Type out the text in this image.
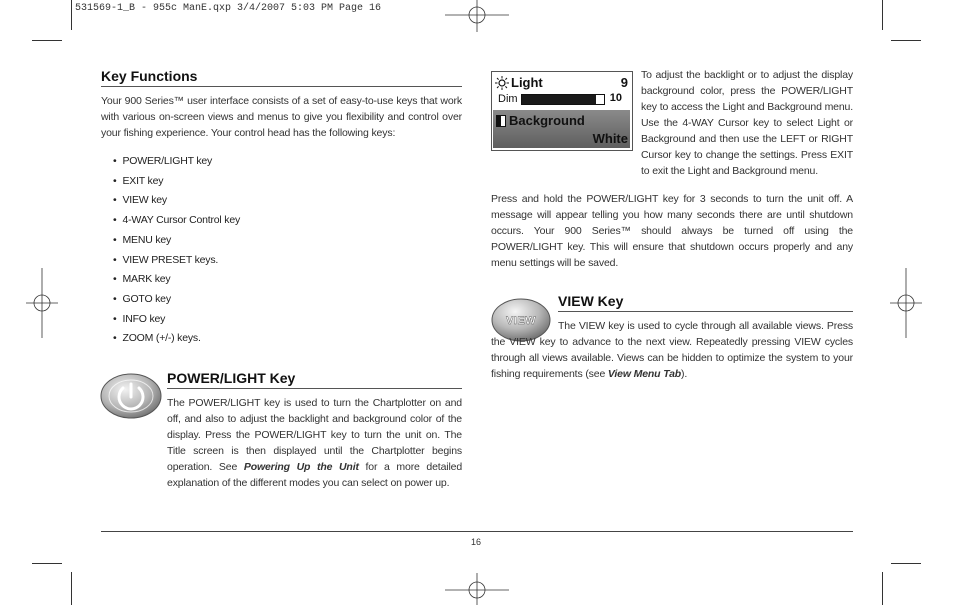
531569-1_B - 955c ManE.qxp 3/4/2007 5:03 PM Page 16
Key Functions

Your 900 Series™ user interface consists of a set of easy-to-use keys that work with various on-screen views and menus to give you flexibility and control over your fishing experience. Your control head has the following keys:

• POWER/LIGHT key
• EXIT key
• VIEW key
• 4-WAY Cursor Control key
• MENU key
• VIEW PRESET keys.
• MARK key
• GOTO key
• INFO key
• ZOOM (+/-) keys.
POWER/LIGHT Key

The POWER/LIGHT key is used to turn the Chartplotter on and off, and also to adjust the backlight and background color of the display. Press the POWER/LIGHT key to turn the unit on. The Title screen is then displayed until the Chartplotter begins operation. See Powering Up the Unit for a more detailed explanation of the different modes you can select on power up.

Light	9
Dim	10
Background
White

To adjust the backlight or to adjust the display background color, press the POWER/LIGHT key to access the Light and Background menu. Use the 4-WAY Cursor key to select Light or Background and then use the LEFT or RIGHT Cursor key to change the settings. Press EXIT to exit the Light and Background menu.

Press and hold the POWER/LIGHT key for 3 seconds to turn the unit off. A message will appear telling you how many seconds there are until shutdown occurs. Your 900 Series™ should always be turned off using the POWER/LIGHT key. This will ensure that shutdown occurs properly and any menu settings will be saved.

VIEW
VIEW Key

The VIEW key is used to cycle through all available views. Press the VIEW key to advance to the next view. Repeatedly pressing VIEW cycles through all views available. Views can be hidden to optimize the system to your fishing requirements (see View Menu Tab).

16
